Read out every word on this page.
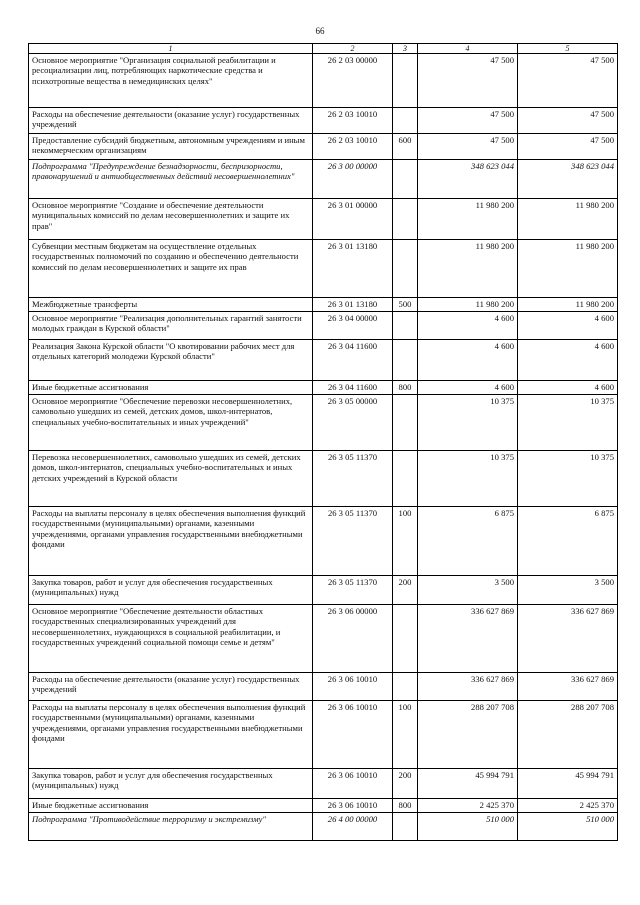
66
1	2	3	4	5
Основное мероприятие "Организация социальной реабилитации и ресоциализации лиц, потребляющих наркотические средства и психотропные вещества в немедицинских целях"	26 2 03 00000		47 500	47 500
Расходы на обеспечение деятельности (оказание услуг) государственных учреждений	26 2 03 10010		47 500	47 500
Предоставление субсидий бюджетным, автономным учреждениям и иным некоммерческим организациям	26 2 03 10010	600	47 500	47 500
Подпрограмма "Предупреждение безнадзорности, беспризорности, правонарушений и антиобщественных действий несовершеннолетних"	26 3 00 00000		348 623 044	348 623 044
Основное мероприятие "Создание и обеспечение деятельности муниципальных комиссий по делам несовершеннолетних и защите их прав"	26 3 01 00000		11 980 200	11 980 200
Субвенции местным бюджетам на осуществление отдельных государственных полномочий по созданию и обеспечению деятельности комиссий по делам несовершеннолетних и защите их прав	26 3 01 13180		11 980 200	11 980 200
Межбюджетные трансферты	26 3 01 13180	500	11 980 200	11 980 200
Основное мероприятие "Реализация дополнительных гарантий занятости молодых граждан в Курской области"	26 3 04 00000		4 600	4 600
Реализация Закона Курской области "О квотировании рабочих мест для отдельных категорий молодежи Курской области"	26 3 04 11600		4 600	4 600
Иные бюджетные ассигнования	26 3 04 11600	800	4 600	4 600
Основное мероприятие "Обеспечение перевозки несовершеннолетних, самовольно ушедших из семей, детских домов, школ-интернатов, специальных учебно-воспитательных и иных учреждений"	26 3 05 00000		10 375	10 375
Перевозка несовершеннолетних, самовольно ушедших из семей, детских домов, школ-интернатов, специальных учебно-воспитательных и иных детских учреждений в Курской области	26 3 05 11370		10 375	10 375
Расходы на выплаты персоналу в целях обеспечения выполнения функций государственными (муниципальными) органами, казенными учреждениями, органами управления государственными внебюджетными фондами	26 3 05 11370	100	6 875	6 875
Закупка товаров, работ и услуг для обеспечения государственных (муниципальных) нужд	26 3 05 11370	200	3 500	3 500
Основное мероприятие "Обеспечение деятельности областных государственных специализированных учреждений для несовершеннолетних, нуждающихся в социальной реабилитации, и государственных учреждений социальной помощи семье и детям"	26 3 06 00000		336 627 869	336 627 869
Расходы на обеспечение деятельности (оказание услуг) государственных учреждений	26 3 06 10010		336 627 869	336 627 869
Расходы на выплаты персоналу в целях обеспечения выполнения функций государственными (муниципальными) органами, казенными учреждениями, органами управления государственными внебюджетными фондами	26 3 06 10010	100	288 207 708	288 207 708
Закупка товаров, работ и услуг для обеспечения государственных (муниципальных) нужд	26 3 06 10010	200	45 994 791	45 994 791
Иные бюджетные ассигнования	26 3 06 10010	800	2 425 370	2 425 370
Подпрограмма "Противодействие терроризму и экстремизму"	26 4 00 00000		510 000	510 000
